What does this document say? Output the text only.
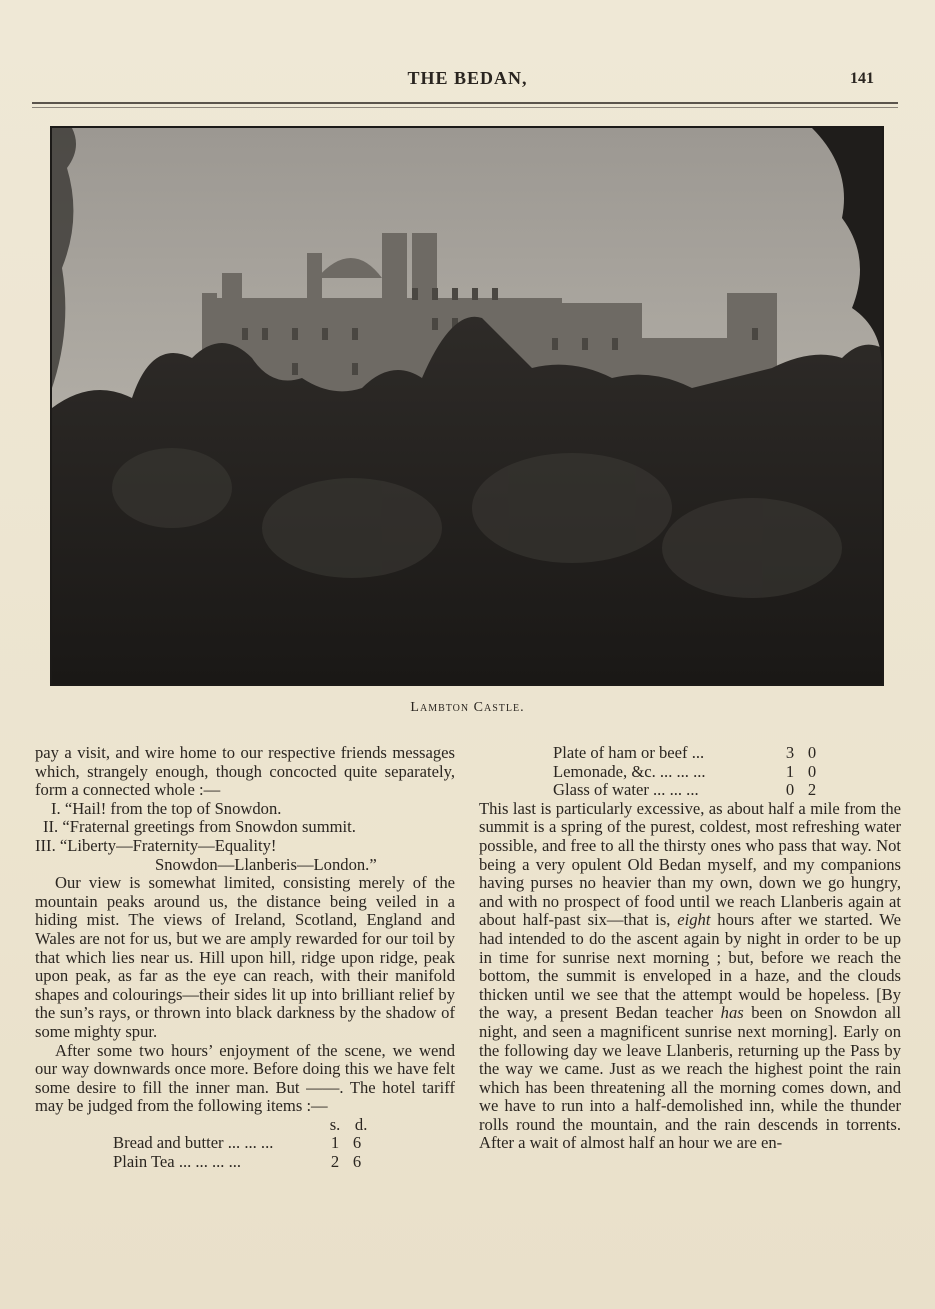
THE BEDAN,	141
Lambton Castle.

pay a visit, and wire home to our respective friends messages which, strangely enough, though concocted quite separately, form a connected whole :—

I. “Hail! from the top of Snowdon.

II. “Fraternal greetings from Snowdon summit.

III. “Liberty—Fraternity—Equality!

Snowdon—Llanberis—London.”

Our view is somewhat limited, consisting merely of the mountain peaks around us, the distance being veiled in a hiding mist. The views of Ireland, Scotland, England and Wales are not for us, but we are amply rewarded for our toil by that which lies near us. Hill upon hill, ridge upon ridge, peak upon peak, as far as the eye can reach, with their manifold shapes and colourings—their sides lit up into brilliant relief by the sun’s rays, or thrown into black darkness by the shadow of some mighty spur.

After some two hours’ enjoyment of the scene, we wend our way downwards once more. Before doing this we have felt some desire to fill the inner man. But ——. The hotel tariff may be judged from the following items :—

s. d.
Bread and butter ... ... ...	1 6
Plain Tea ... ... ... ...	2 6
Plate of ham or beef ...	3 0
Lemonade, &c. ... ... ...	1 0
Glass of water ... ... ...	0 2

This last is particularly excessive, as about half a mile from the summit is a spring of the purest, coldest, most refreshing water possible, and free to all the thirsty ones who pass that way. Not being a very opulent Old Bedan myself, and my companions having purses no heavier than my own, down we go hungry, and with no prospect of food until we reach Llanberis again at about half-past six—that is, eight hours after we started. We had intended to do the ascent again by night in order to be up in time for sunrise next morning ; but, before we reach the bottom, the summit is enveloped in a haze, and the clouds thicken until we see that the attempt would be hopeless. [By the way, a present Bedan teacher has been on Snowdon all night, and seen a magnificent sunrise next morning]. Early on the following day we leave Llanberis, returning up the Pass by the way we came. Just as we reach the highest point the rain which has been threatening all the morning comes down, and we have to run into a half-demolished inn, while the thunder rolls round the mountain, and the rain descends in torrents. After a wait of almost half an hour we are en-
